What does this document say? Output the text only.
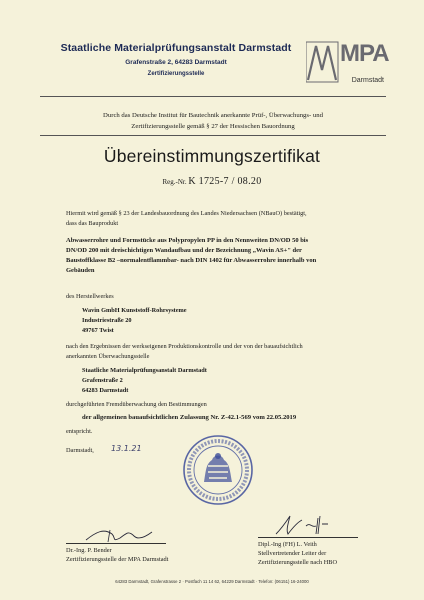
Staatliche Materialprüfungsanstalt Darmstadt
Grafenstraße 2, 64283 Darmstadt
Zertifizierungsstelle
MPA
Darmstadt
Durch das Deutsche Institut für Bautechnik anerkannte Prüf-, Überwachungs- und
Zertifizierungsstelle gemäß § 27 der Hessischen Bauordnung
Übereinstimmungszertifikat
Reg.-Nr. K 1725-7 / 08.20
Hiermit wird gemäß § 23 der Landesbauordnung des Landes Niedersachsen (NBauO) bestätigt,
dass das Bauprodukt
Abwasserrohre und Formstücke aus Polypropylen PP in den Nennweiten DN/OD 50 bis
DN/OD 200 mit dreischichtigen Wandaufbau und der Bezeichnung „Wavin AS+" der
Baustoffklasse B2 –normalentflammbar- nach DIN 1402 für Abwasserrohre innerhalb von
Gebäuden
des Herstellwerkes
Wavin GmbH Kunststoff-Rohrsysteme
Industriestraße 20
49767 Twist
nach den Ergebnissen der werkseigenen Produktionskontrolle und der von der bauaufsichtlich
anerkannten Überwachungsstelle
Staatliche Materialprüfungsanstalt Darmstadt
Grafenstraße 2
64283 Darmstadt
durchgeführten Fremdüberwachung den Bestimmungen
der allgemeinen bauaufsichtlichen Zulassung Nr. Z-42.1-569 vom 22.05.2019
entspricht.
Darmstadt,	13.1.21
Dr.-Ing. P. Bender
Zertifizierungsstelle der MPA Darmstadt
Dipl.-Ing (FH) L. Veith
Stellvertretender Leiter der
Zertifizierungsstelle nach HBO
64283 Darmstadt, Grafenstrasse 2 · Postfach 11 14 62, 64229 Darmstadt · Telefon: (06151) 16-24000
